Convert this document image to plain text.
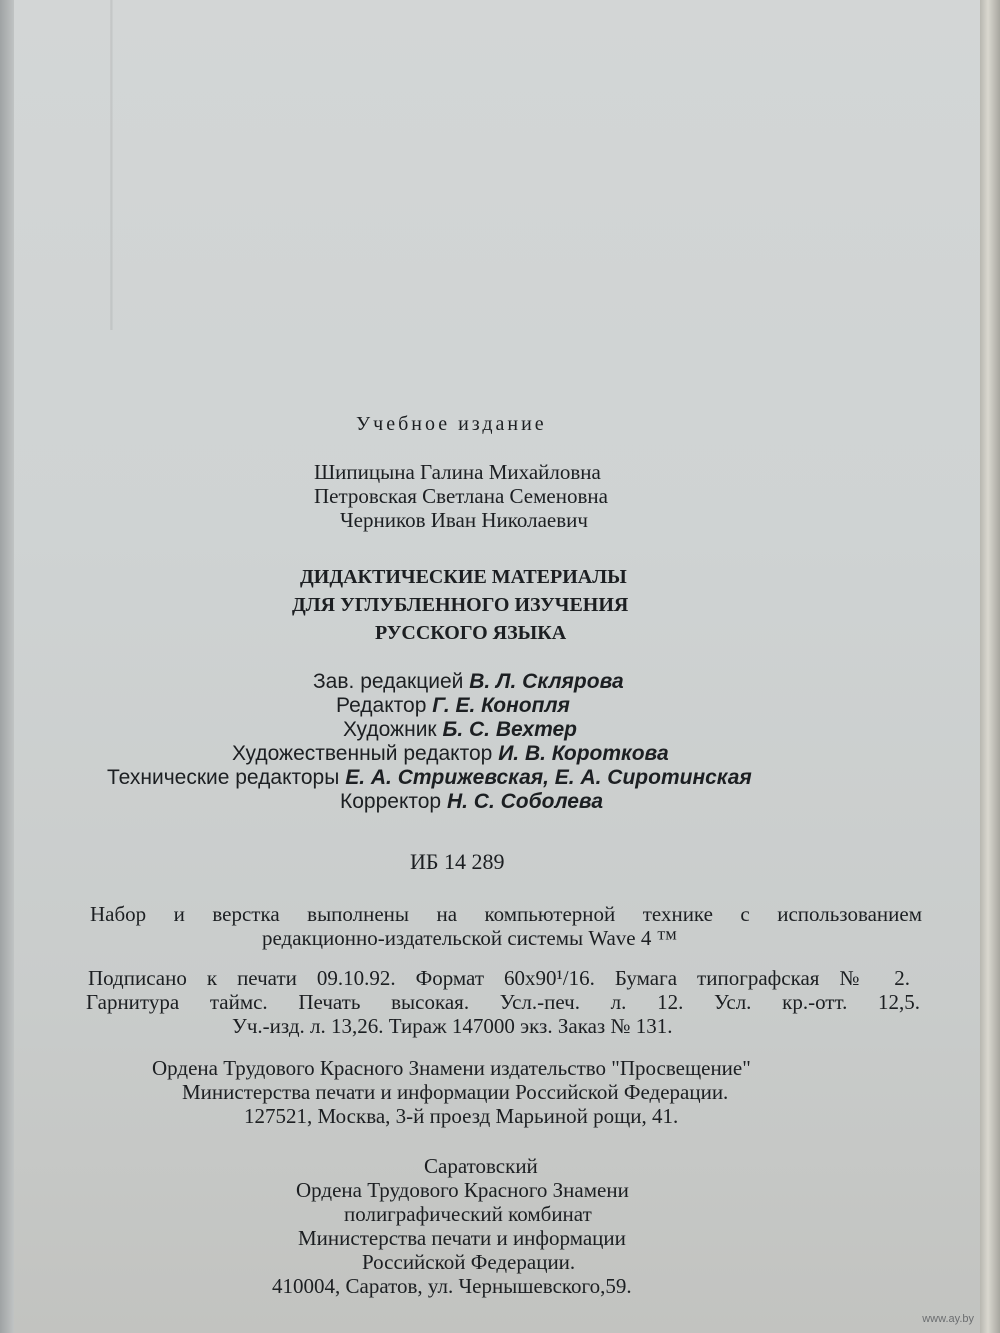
Учебное издание
Шипицына Галина Михайловна
Петровская Светлана Семеновна
Черников Иван Николаевич
ДИДАКТИЧЕСКИЕ МАТЕРИАЛЫ
ДЛЯ УГЛУБЛЕННОГО ИЗУЧЕНИЯ
РУССКОГО ЯЗЫКА
Зав. редакцией В. Л. Склярова
Редактор Г. Е. Конопля
Художник Б. С. Вехтер
Художественный редактор И. В. Короткова
Технические редакторы Е. А. Стрижевская, Е. А. Сиротинская
Корректор Н. С. Соболева
ИБ 14 289
Набор и верстка выполнены на компьютерной технике с использованием
редакционно-издательской системы Wave 4 ™
Подписано к печати 09.10.92. Формат 60х90¹/16. Бумага типографская № 2.
Гарнитура таймс. Печать высокая. Усл.-печ. л. 12. Усл. кр.-отт. 12,5.
Уч.-изд. л. 13,26. Тираж 147000 экз. Заказ № 131.
Ордена Трудового Красного Знамени издательство "Просвещение"
Министерства печати и информации Российской Федерации.
127521, Москва, 3-й проезд Марьиной рощи, 41.
Саратовский
Ордена Трудового Красного Знамени
полиграфический комбинат
Министерства печати и информации
Российской Федерации.
410004, Саратов, ул. Чернышевского,59.
www.ay.by
